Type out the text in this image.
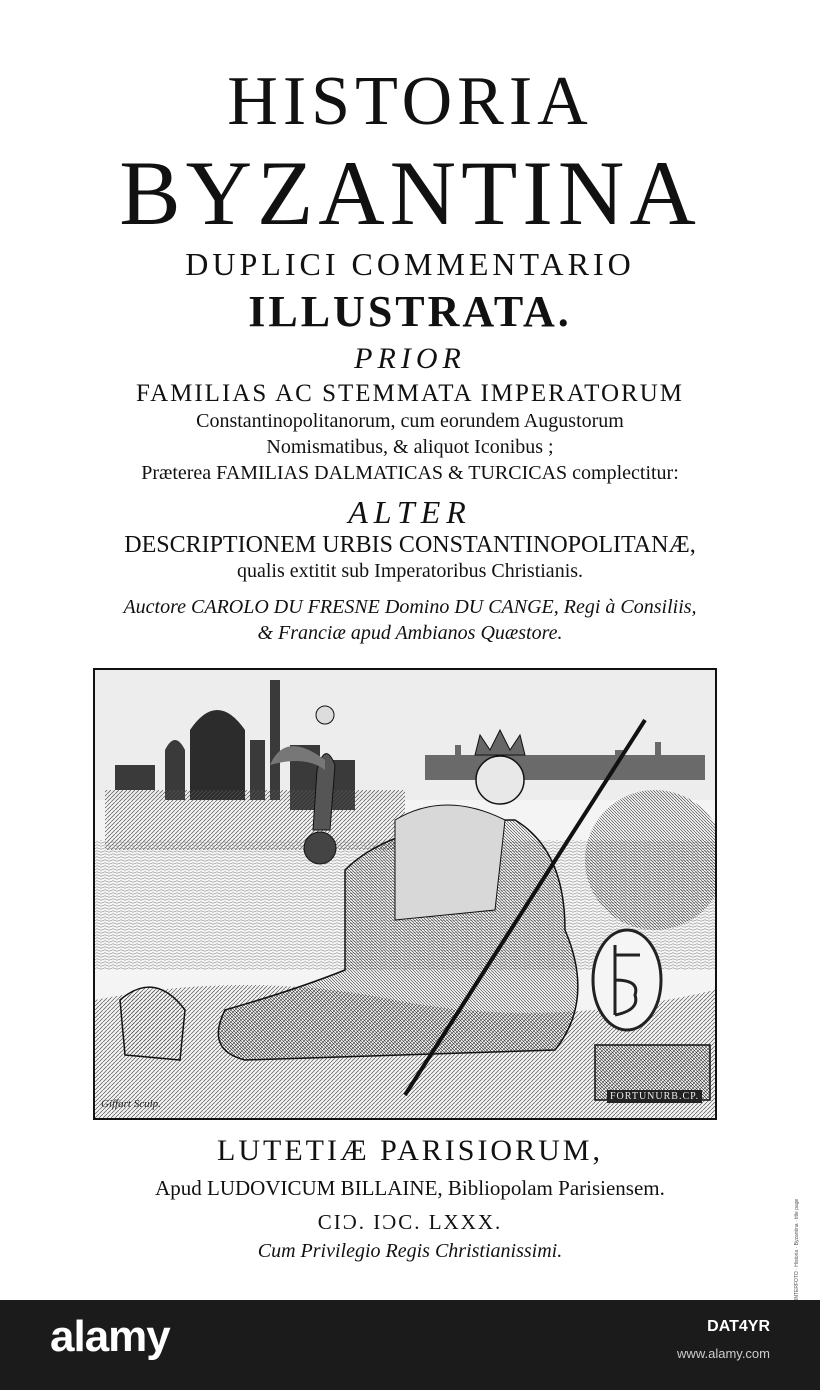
HISTORIA
BYZANTINA
DUPLICI COMMENTARIO
ILLUSTRATA.
PRIOR
FAMILIAS AC STEMMATA IMPERATORUM
Constantinopolitanorum, cum eorundem Augustorum
Nomismatibus, & aliquot Iconibus ;
Præterea FAMILIAS DALMATICAS & TURCICAS complectitur:
ALTER
DESCRIPTIONEM URBIS CONSTANTINOPOLITANÆ,
qualis extitit sub Imperatoribus Christianis.
Auctore CAROLO DU FRESNE Domino DU CANGE, Regi à Consiliis,
& Franciæ apud Ambianos Quæstore.
Giffart Sculp.
FORTUNURB.CP.
LUTETIÆ PARISIORUM,
Apud LUDOVICUM BILLAINE, Bibliopolam Parisiensem.
CIϽ. IϽC. LXXX.
Cum Privilegio Regis Christianissimi.	INTERFOTO · Historia · Byzantina · title page
alamy	DAT4YR
www.alamy.com
